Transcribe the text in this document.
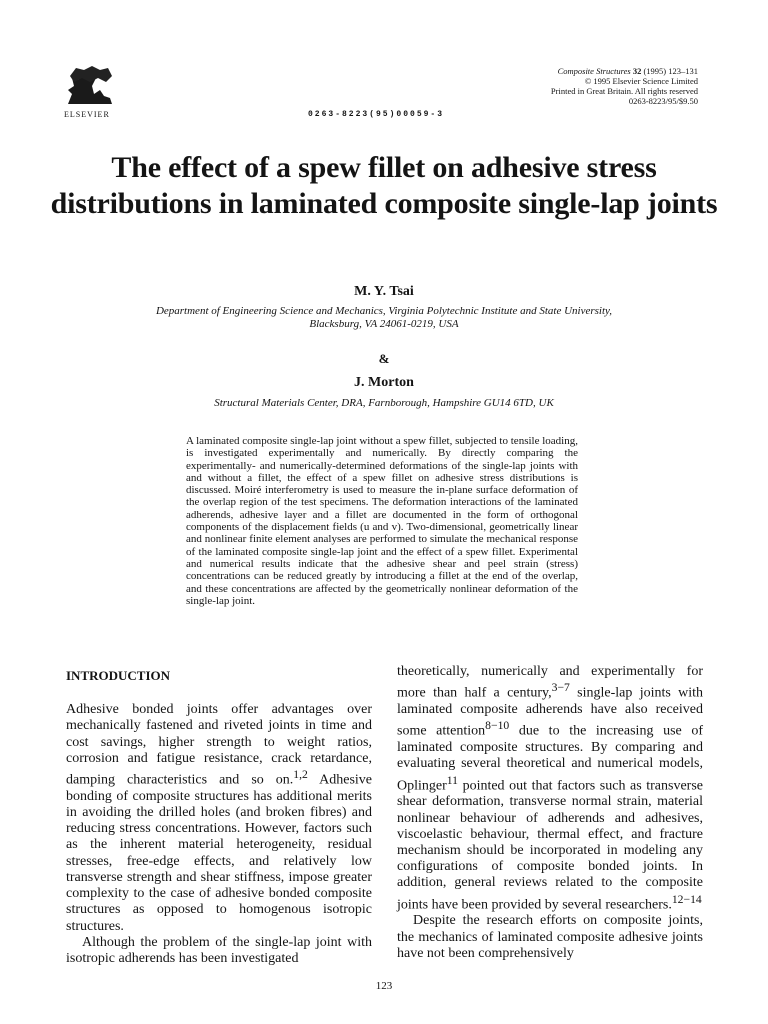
ELSEVIER	0263-8223(95)00059-3
Composite Structures 32 (1995) 123–131
© 1995 Elsevier Science Limited
Printed in Great Britain. All rights reserved
0263-8223/95/$9.50
The effect of a spew fillet on adhesive stress distributions in laminated composite single-lap joints
M. Y. Tsai
Department of Engineering Science and Mechanics, Virginia Polytechnic Institute and State University,
Blacksburg, VA 24061-0219, USA
&
J. Morton
Structural Materials Center, DRA, Farnborough, Hampshire GU14 6TD, UK

A laminated composite single-lap joint without a spew fillet, subjected to tensile loading, is investigated experimentally and numerically. By directly comparing the experimentally- and numerically-determined deformations of the single-lap joints with and without a fillet, the effect of a spew fillet on adhesive stress distributions is discussed. Moiré interferometry is used to measure the in-plane surface deformation of the overlap region of the test specimens. The deformation interactions of the laminated adherends, adhesive layer and a fillet are documented in the form of orthogonal components of the displacement fields (u and v). Two-dimensional, geometrically linear and nonlinear finite element analyses are performed to simulate the mechanical response of the laminated composite single-lap joint and the effect of a spew fillet. Experimental and numerical results indicate that the adhesive shear and peel strain (stress) concentrations can be reduced greatly by introducing a fillet at the end of the overlap, and these concentrations are affected by the geometrically nonlinear deformation of the single-lap joint.

INTRODUCTION

Adhesive bonded joints offer advantages over mechanically fastened and riveted joints in time and cost savings, higher strength to weight ratios, corrosion and fatigue resistance, crack retardance, damping characteristics and so on.$^{1,2}$ Adhesive bonding of composite structures has additional merits in avoiding the drilled holes (and broken fibres) and reducing stress concentrations. However, factors such as the inherent material heterogeneity, residual stresses, free-edge effects, and relatively low transverse strength and shear stiffness, impose greater complexity to the case of adhesive bonded composite structures as opposed to homogenous isotropic structures.

Although the problem of the single-lap joint with isotropic adherends has been investigated

theoretically, numerically and experimentally for more than half a century,$^{3-7}$ single-lap joints with laminated composite adherends have also received some attention$^{8-10}$ due to the increasing use of laminated composite structures. By comparing and evaluating several theoretical and numerical models, Oplinger$^{11}$ pointed out that factors such as transverse shear deformation, transverse normal strain, material nonlinear behaviour of adherends and adhesives, viscoelastic behaviour, thermal effect, and fracture mechanism should be incorporated in modeling any configurations of composite bonded joints. In addition, general reviews related to the composite joints have been provided by several researchers.$^{12-14}$

Despite the research efforts on composite joints, the mechanics of laminated composite adhesive joints have not been comprehensively

123
